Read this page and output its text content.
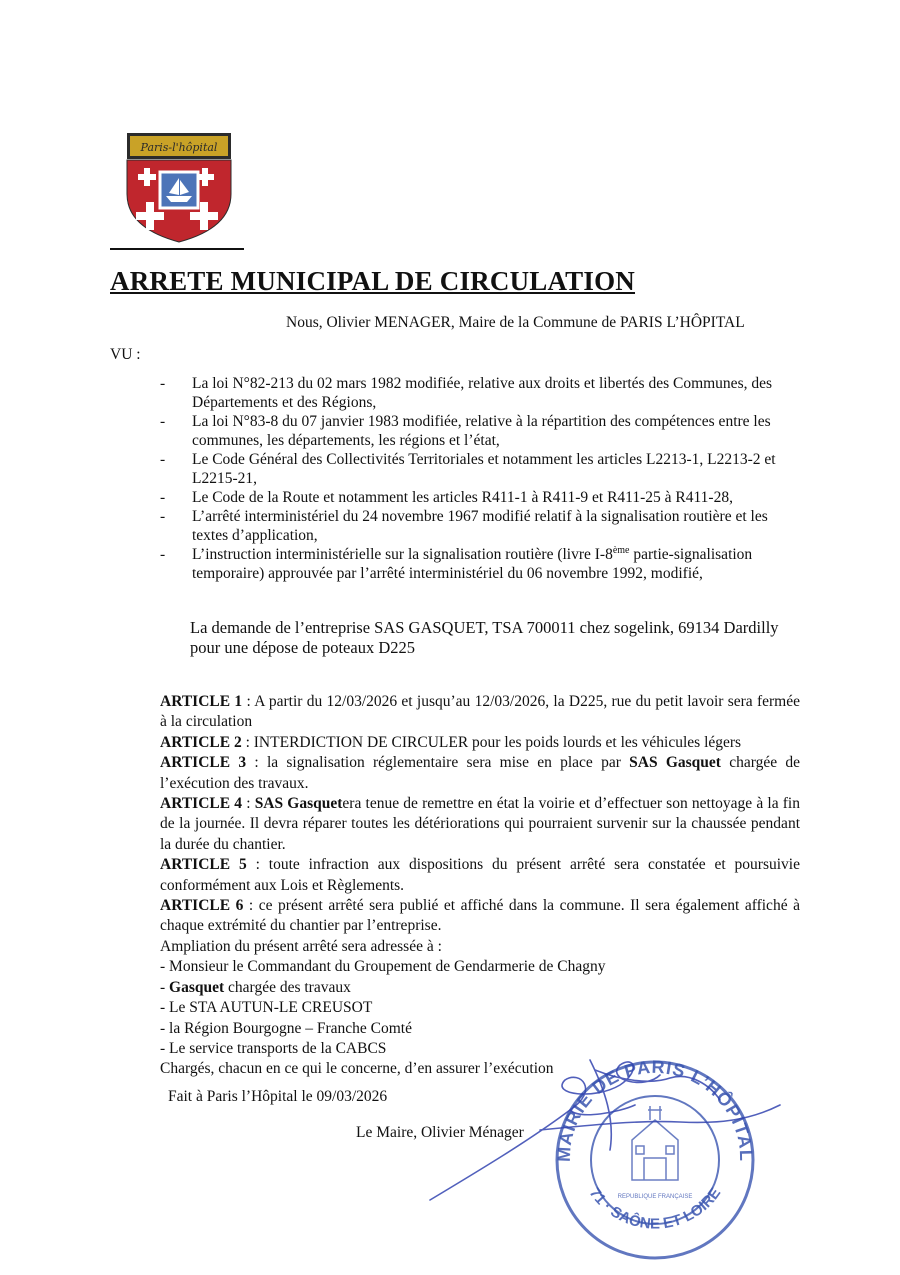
Paris-l'hôpital
ARRETE MUNICIPAL DE CIRCULATION
Nous, Olivier MENAGER, Maire de la Commune de PARIS L’HÔPITAL
VU :
- La loi N°82-213 du 02 mars 1982 modifiée, relative aux droits et libertés des Communes, des Départements et des Régions,
- La loi N°83-8 du 07 janvier 1983 modifiée, relative à la répartition des compétences entre les communes, les départements, les régions et l’état,
- Le Code Général des Collectivités Territoriales et notamment les articles L2213-1, L2213-2 et L2215-21,
- Le Code de la Route et notamment les articles R411-1 à R411-9 et R411-25 à R411-28,
- L’arrêté interministériel du 24 novembre 1967 modifié relatif à la signalisation routière et les textes d’application,
- L’instruction interministérielle sur la signalisation routière (livre I-8ème partie-signalisation temporaire) approuvée par l’arrêté interministériel du 06 novembre 1992, modifié,
La demande de l’entreprise SAS GASQUET, TSA 700011 chez sogelink, 69134 Dardilly pour une dépose de poteaux D225

ARTICLE 1 : A partir du 12/03/2026 et jusqu’au 12/03/2026, la D225, rue du petit lavoir sera fermée à la circulation

ARTICLE 2 : INTERDICTION DE CIRCULER pour les poids lourds et les véhicules légers

ARTICLE 3 : la signalisation réglementaire sera mise en place par SAS Gasquet chargée de l’exécution des travaux.

ARTICLE 4 : SAS Gasquetera tenue de remettre en état la voirie et d’effectuer son nettoyage à la fin de la journée. Il devra réparer toutes les détériorations qui pourraient survenir sur la chaussée pendant la durée du chantier.

ARTICLE 5 : toute infraction aux dispositions du présent arrêté sera constatée et poursuivie conformément aux Lois et Règlements.

ARTICLE 6 : ce présent arrêté sera publié et affiché dans la commune. Il sera également affiché à chaque extrémité du chantier par l’entreprise.

Ampliation du présent arrêté sera adressée à :

- Monsieur le Commandant du Groupement de Gendarmerie de Chagny

- Gasquet chargée des travaux

- Le STA AUTUN-LE CREUSOT

- la Région Bourgogne – Franche Comté

- Le service transports de la CABCS

Chargés, chacun en ce qui le concerne, d’en assurer l’exécution

Fait à Paris l’Hôpital le 09/03/2026
Le Maire, Olivier Ménager
MAIRIE DE PARIS L’HÔPITAL
71 · SAÔNE ET LOIRE
RÉPUBLIQUE FRANÇAISE
